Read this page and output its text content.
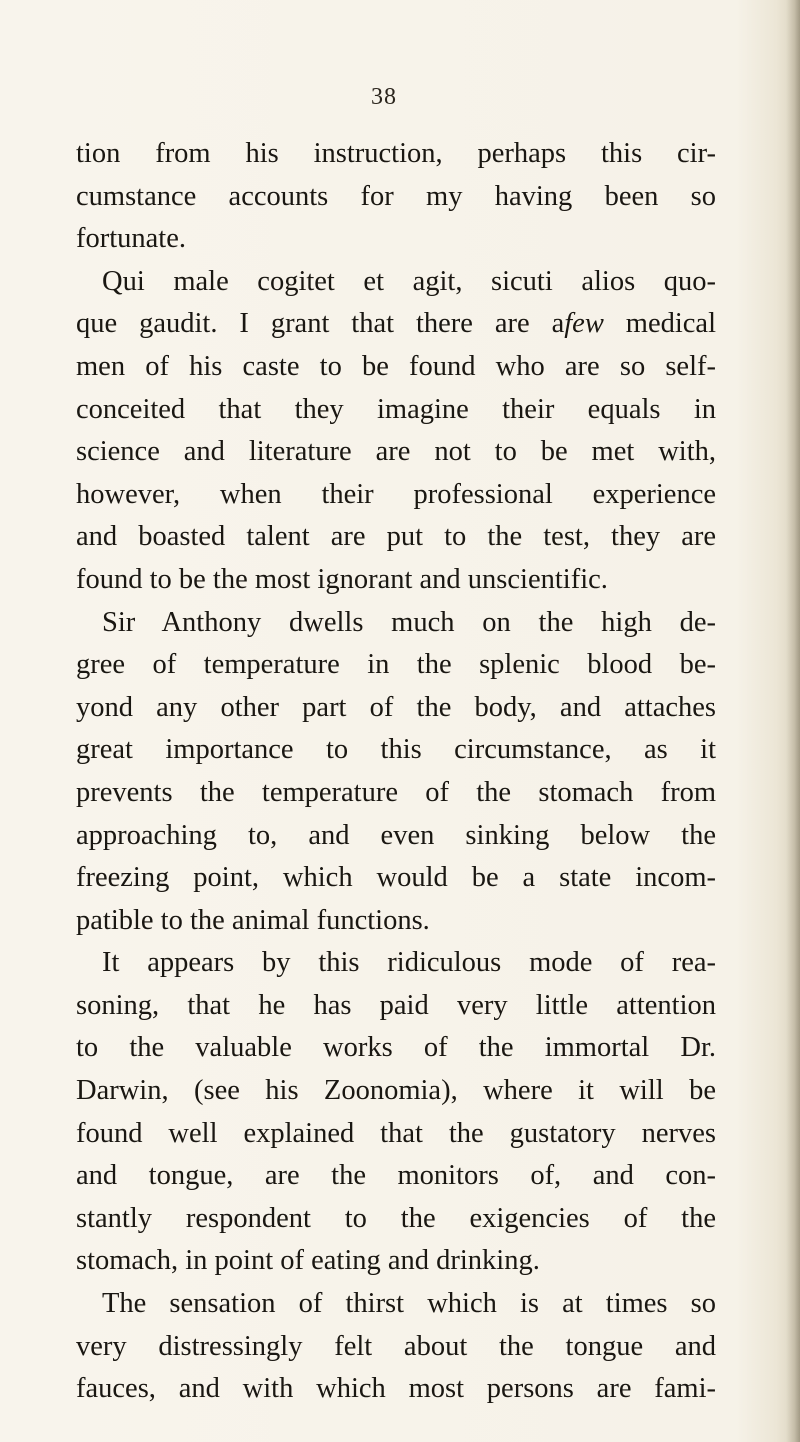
38
tion from his instruction, perhaps this cir-
cumstance accounts for my having been so
fortunate.
Qui male cogitet et agit, sicuti alios quo-
que gaudit. I grant that there are afew medical
men of his caste to be found who are so self-
conceited that they imagine their equals in
science and literature are not to be met with,
however, when their professional experience
and boasted talent are put to the test, they are
found to be the most ignorant and unscientific.
Sir Anthony dwells much on the high de-
gree of temperature in the splenic blood be-
yond any other part of the body, and attaches
great importance to this circumstance, as it
prevents the temperature of the stomach from
approaching to, and even sinking below the
freezing point, which would be a state incom-
patible to the animal functions.
It appears by this ridiculous mode of rea-
soning, that he has paid very little attention
to the valuable works of the immortal Dr.
Darwin, (see his Zoonomia), where it will be
found well explained that the gustatory nerves
and tongue, are the monitors of, and con-
stantly respondent to the exigencies of the
stomach, in point of eating and drinking.
The sensation of thirst which is at times so
very distressingly felt about the tongue and
fauces, and with which most persons are fami-
